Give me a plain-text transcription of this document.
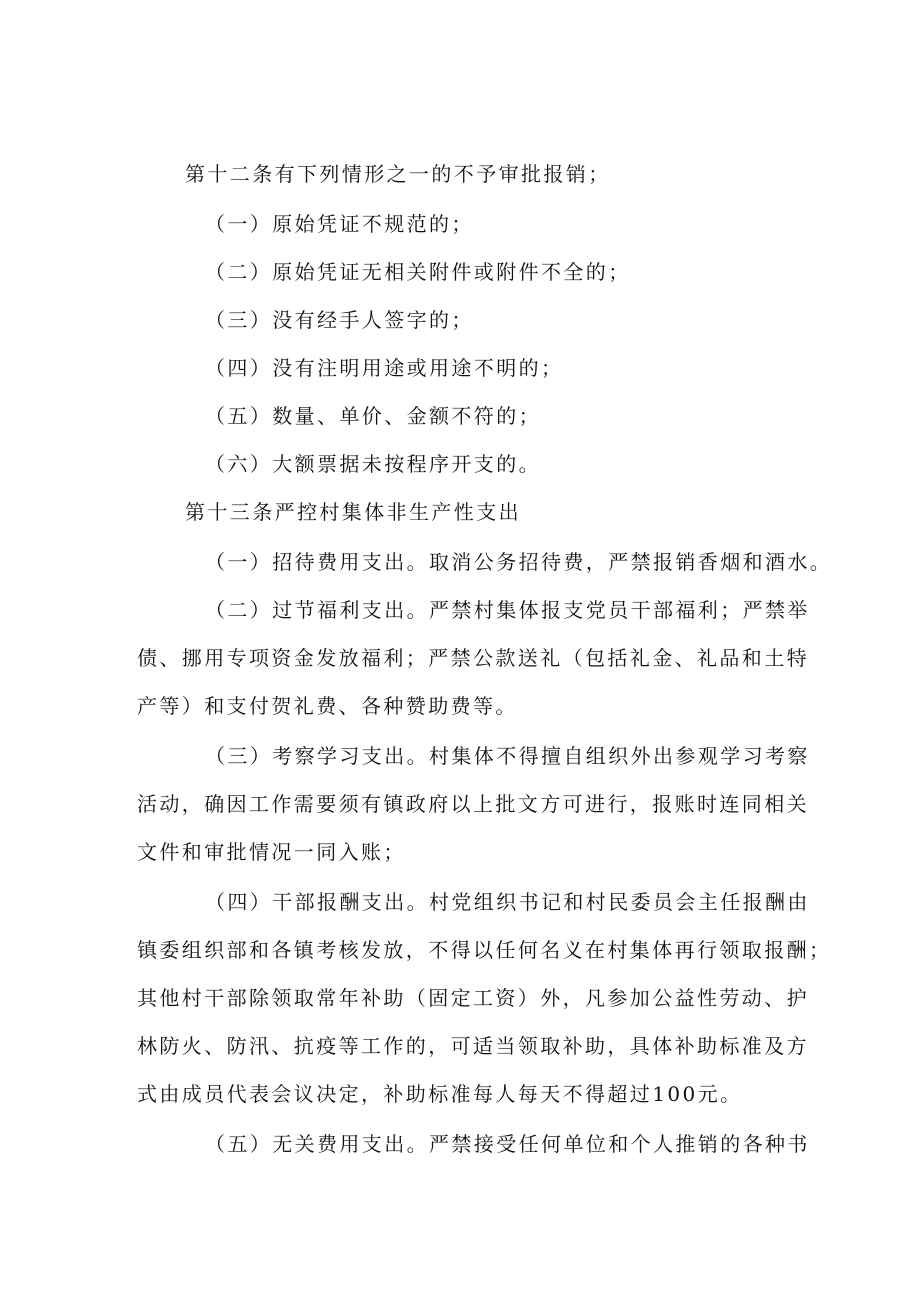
第十二条有下列情形之一的不予审批报销；
（一）原始凭证不规范的；
（二）原始凭证无相关附件或附件不全的；
（三）没有经手人签字的；
（四）没有注明用途或用途不明的；
（五）数量、单价、金额不符的；
（六）大额票据未按程序开支的。
第十三条严控村集体非生产性支出
（一）招待费用支出。取消公务招待费，严禁报销香烟和酒水。
（二）过节福利支出。严禁村集体报支党员干部福利；严禁举
债、挪用专项资金发放福利；严禁公款送礼（包括礼金、礼品和土特
产等）和支付贺礼费、各种赞助费等。
（三）考察学习支出。村集体不得擅自组织外出参观学习考察
活动，确因工作需要须有镇政府以上批文方可进行，报账时连同相关
文件和审批情况一同入账；
（四）干部报酬支出。村党组织书记和村民委员会主任报酬由
镇委组织部和各镇考核发放，不得以任何名义在村集体再行领取报酬；
其他村干部除领取常年补助（固定工资）外，凡参加公益性劳动、护
林防火、防汛、抗疫等工作的，可适当领取补助，具体补助标准及方
式由成员代表会议决定，补助标准每人每天不得超过100元。
（五）无关费用支出。严禁接受任何单位和个人推销的各种书
